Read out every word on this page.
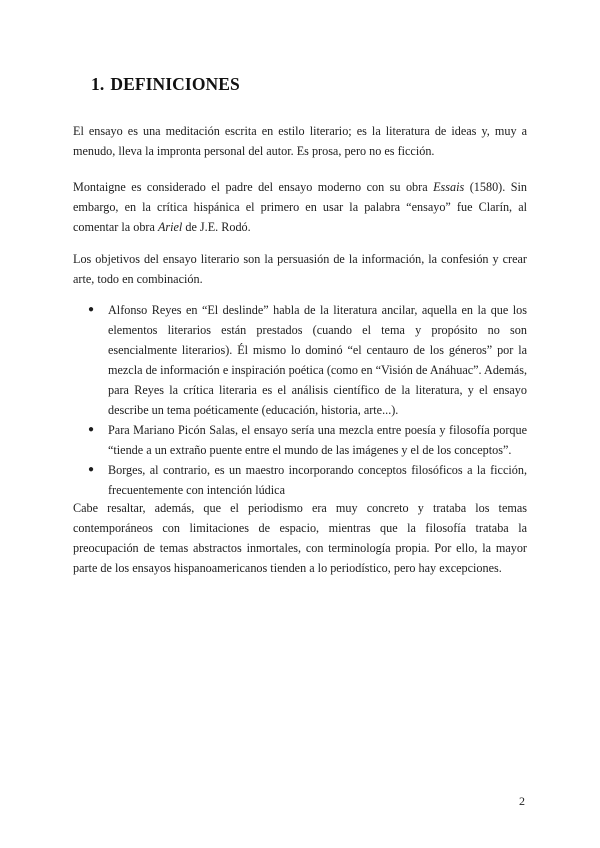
1. DEFINICIONES
El ensayo es una meditación escrita en estilo literario; es la literatura de ideas y, muy a menudo, lleva la impronta personal del autor. Es prosa, pero no es ficción.
Montaigne es considerado el padre del ensayo moderno con su obra Essais (1580). Sin embargo, en la crítica hispánica el primero en usar la palabra “ensayo” fue Clarín, al comentar la obra Ariel de J.E. Rodó.
Los objetivos del ensayo literario son la persuasión de la información, la confesión y crear arte, todo en combinación.
● Alfonso Reyes en “El deslinde” habla de la literatura ancilar, aquella en la que los elementos literarios están prestados (cuando el tema y propósito no son esencialmente literarios). Él mismo lo dominó “el centauro de los géneros” por la mezcla de información e inspiración poética (como en “Visión de Anáhuac”. Además, para Reyes la crítica literaria es el análisis científico de la literatura, y el ensayo describe un tema poéticamente (educación, historia, arte...).
● Para Mariano Picón Salas, el ensayo sería una mezcla entre poesía y filosofía porque “tiende a un extraño puente entre el mundo de las imágenes y el de los conceptos”.
● Borges, al contrario, es un maestro incorporando conceptos filosóficos a la ficción, frecuentemente con intención lúdica
Cabe resaltar, además, que el periodismo era muy concreto y trataba los temas contemporáneos con limitaciones de espacio, mientras que la filosofía trataba la preocupación de temas abstractos inmortales, con terminología propia. Por ello, la mayor parte de los ensayos hispanoamericanos tienden a lo periodístico, pero hay excepciones.
2
